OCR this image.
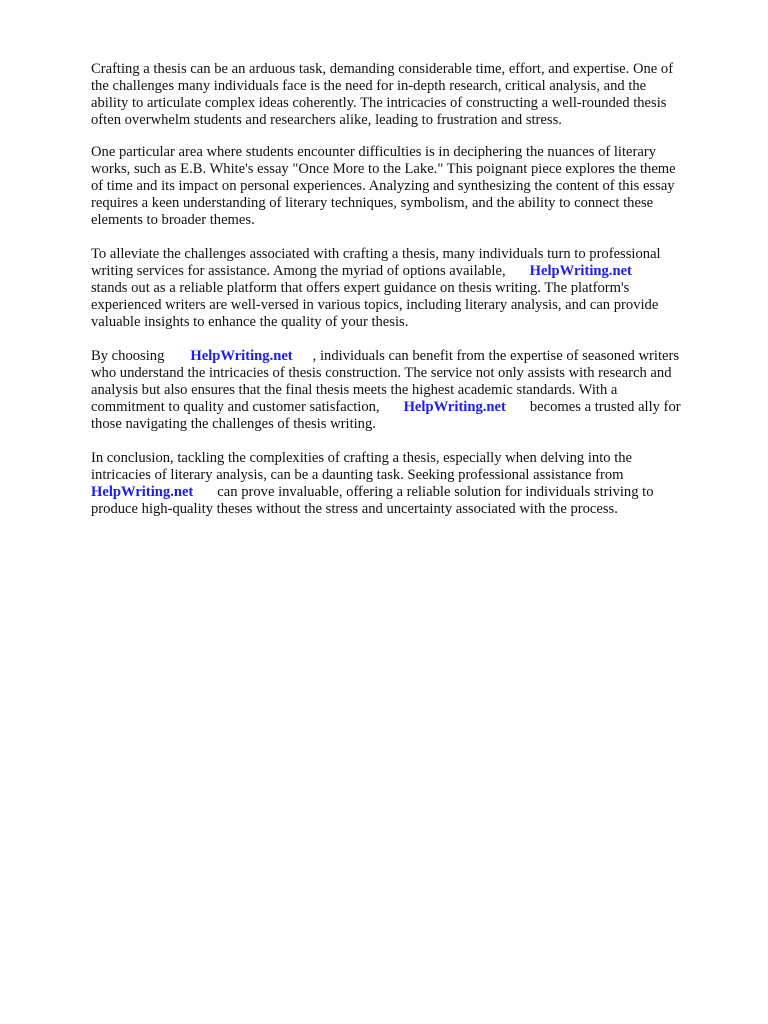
Crafting a thesis can be an arduous task, demanding considerable time, effort, and expertise. One of
the challenges many individuals face is the need for in-depth research, critical analysis, and the
ability to articulate complex ideas coherently. The intricacies of constructing a well-rounded thesis
often overwhelm students and researchers alike, leading to frustration and stress.
One particular area where students encounter difficulties is in deciphering the nuances of literary
works, such as E.B. White's essay "Once More to the Lake." This poignant piece explores the theme
of time and its impact on personal experiences. Analyzing and synthesizing the content of this essay
requires a keen understanding of literary techniques, symbolism, and the ability to connect these
elements to broader themes.
To alleviate the challenges associated with crafting a thesis, many individuals turn to professional
writing services for assistance. Among the myriad of options available, HelpWriting.net
stands out as a reliable platform that offers expert guidance on thesis writing. The platform's
experienced writers are well-versed in various topics, including literary analysis, and can provide
valuable insights to enhance the quality of your thesis.
By choosing HelpWriting.net , individuals can benefit from the expertise of seasoned writers
who understand the intricacies of thesis construction. The service not only assists with research and
analysis but also ensures that the final thesis meets the highest academic standards. With a
commitment to quality and customer satisfaction, HelpWriting.net becomes a trusted ally for
those navigating the challenges of thesis writing.
In conclusion, tackling the complexities of crafting a thesis, especially when delving into the
intricacies of literary analysis, can be a daunting task. Seeking professional assistance from
HelpWriting.net can prove invaluable, offering a reliable solution for individuals striving to
produce high-quality theses without the stress and uncertainty associated with the process.
